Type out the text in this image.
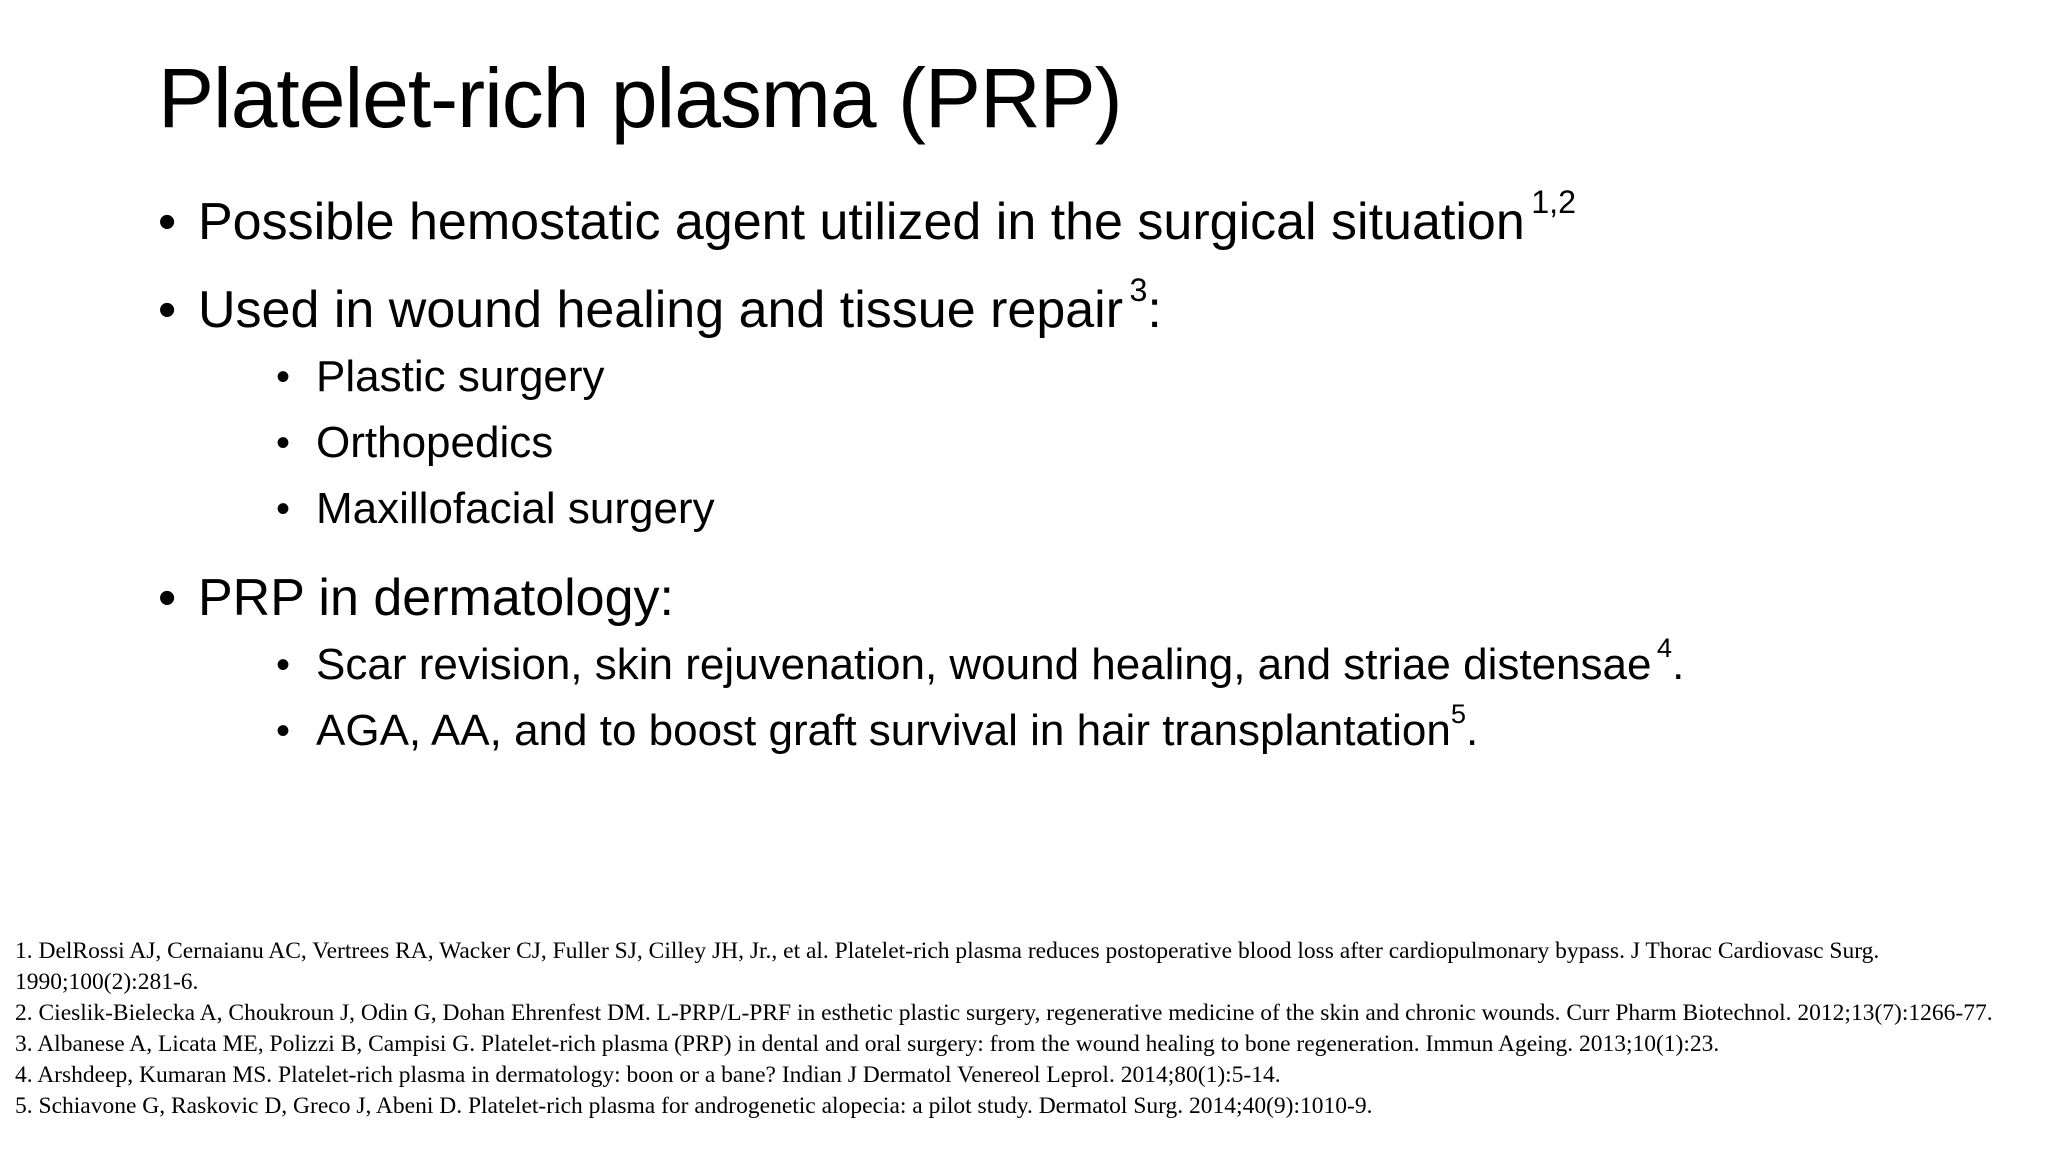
Platelet-rich plasma (PRP)
• Possible hemostatic agent utilized in the surgical situation $^{1,2}$
• Used in wound healing and tissue repair $^3$:
• Plastic surgery
• Orthopedics
• Maxillofacial surgery
• PRP in dermatology:
• Scar revision, skin rejuvenation, wound healing, and striae distensae $^4$.
• AGA, AA, and to boost graft survival in hair transplantation$^5$.
1. DelRossi AJ, Cernaianu AC, Vertrees RA, Wacker CJ, Fuller SJ, Cilley JH, Jr., et al. Platelet-rich plasma reduces postoperative blood loss after cardiopulmonary bypass. J Thorac Cardiovasc Surg. 1990;100(2):281-6.
2. Cieslik-Bielecka A, Choukroun J, Odin G, Dohan Ehrenfest DM. L-PRP/L-PRF in esthetic plastic surgery, regenerative medicine of the skin and chronic wounds. Curr Pharm Biotechnol. 2012;13(7):1266-77.
3. Albanese A, Licata ME, Polizzi B, Campisi G. Platelet-rich plasma (PRP) in dental and oral surgery: from the wound healing to bone regeneration. Immun Ageing. 2013;10(1):23.
4. Arshdeep, Kumaran MS. Platelet-rich plasma in dermatology: boon or a bane? Indian J Dermatol Venereol Leprol. 2014;80(1):5-14.
5. Schiavone G, Raskovic D, Greco J, Abeni D. Platelet-rich plasma for androgenetic alopecia: a pilot study. Dermatol Surg. 2014;40(9):1010-9.
